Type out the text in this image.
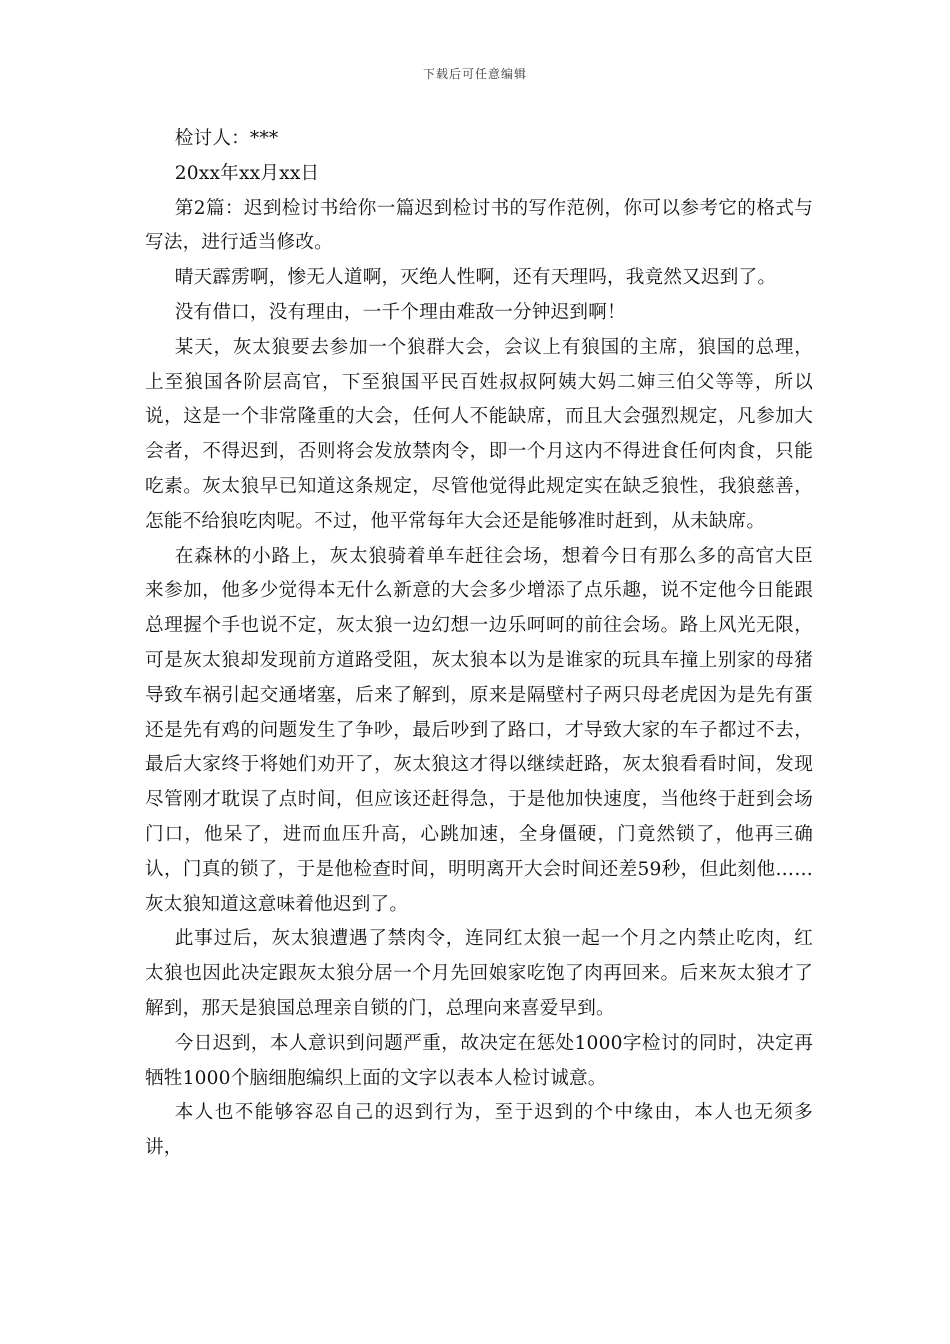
下载后可任意编辑

检讨人：***

20xx年xx月xx日

第2篇：迟到检讨书给你一篇迟到检讨书的写作范例，你可以参考它的格式与写法，进行适当修改。

晴天霹雳啊，惨无人道啊，灭绝人性啊，还有天理吗，我竟然又迟到了。

没有借口，没有理由，一千个理由难敌一分钟迟到啊！

某天，灰太狼要去参加一个狼群大会，会议上有狼国的主席，狼国的总理，上至狼国各阶层高官，下至狼国平民百姓叔叔阿姨大妈二婶三伯父等等，所以说，这是一个非常隆重的大会，任何人不能缺席，而且大会强烈规定，凡参加大会者，不得迟到，否则将会发放禁肉令，即一个月这内不得进食任何肉食，只能吃素。灰太狼早已知道这条规定，尽管他觉得此规定实在缺乏狼性，我狼慈善，怎能不给狼吃肉呢。不过，他平常每年大会还是能够准时赶到，从未缺席。

在森林的小路上，灰太狼骑着单车赶往会场，想着今日有那么多的高官大臣来参加，他多少觉得本无什么新意的大会多少增添了点乐趣，说不定他今日能跟总理握个手也说不定，灰太狼一边幻想一边乐呵呵的前往会场。路上风光无限，可是灰太狼却发现前方道路受阻，灰太狼本以为是谁家的玩具车撞上别家的母猪导致车祸引起交通堵塞，后来了解到，原来是隔壁村子两只母老虎因为是先有蛋还是先有鸡的问题发生了争吵，最后吵到了路口，才导致大家的车子都过不去，最后大家终于将她们劝开了，灰太狼这才得以继续赶路，灰太狼看看时间，发现尽管刚才耽误了点时间，但应该还赶得急，于是他加快速度，当他终于赶到会场门口，他呆了，进而血压升高，心跳加速，全身僵硬，门竟然锁了，他再三确认，门真的锁了，于是他检查时间，明明离开大会时间还差59秒，但此刻他……灰太狼知道这意味着他迟到了。

此事过后，灰太狼遭遇了禁肉令，连同红太狼一起一个月之内禁止吃肉，红太狼也因此决定跟灰太狼分居一个月先回娘家吃饱了肉再回来。后来灰太狼才了解到，那天是狼国总理亲自锁的门，总理向来喜爱早到。

今日迟到，本人意识到问题严重，故决定在惩处1000字检讨的同时，决定再牺牲1000个脑细胞编织上面的文字以表本人检讨诚意。

本人也不能够容忍自己的迟到行为，至于迟到的个中缘由，本人也无须多讲，
